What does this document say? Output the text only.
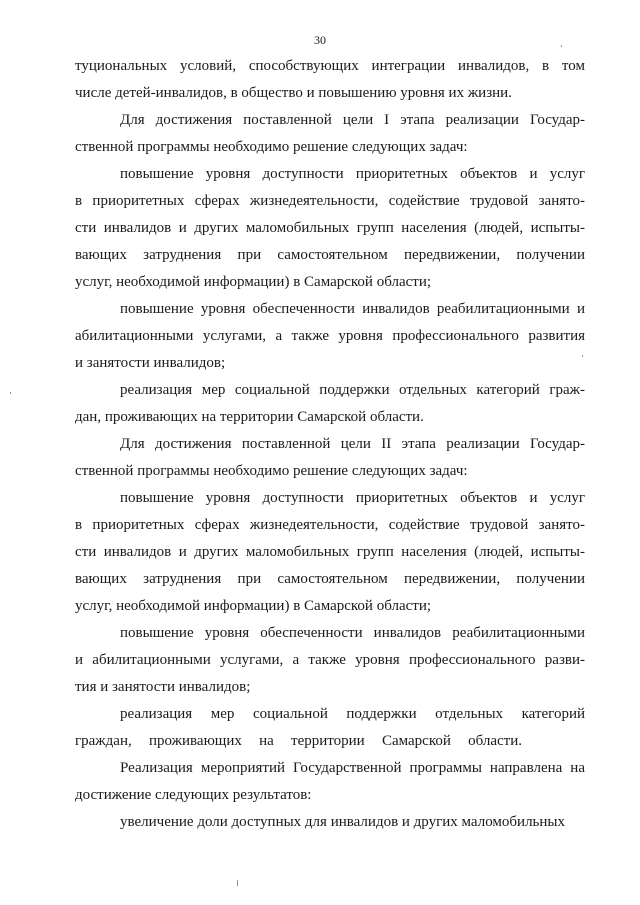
30

туциональных условий, способствующих интеграции инвалидов, в том
числе детей-инвалидов, в общество и повышению уровня их жизни.

Для достижения поставленной цели I этапа реализации Государ-
ственной программы необходимо решение следующих задач:

повышение уровня доступности приоритетных объектов и услуг
в приоритетных сферах жизнедеятельности, содействие трудовой занято-
сти инвалидов и других маломобильных групп населения (людей, испыты-
вающих затруднения при самостоятельном передвижении, получении
услуг, необходимой информации) в Самарской области;

повышение уровня обеспеченности инвалидов реабилитационными и
абилитационными услугами, а также уровня профессионального развития
и занятости инвалидов;

реализация мер социальной поддержки отдельных категорий граж-
дан, проживающих на территории Самарской области.

Для достижения поставленной цели II этапа реализации Государ-
ственной программы необходимо решение следующих задач:

повышение уровня доступности приоритетных объектов и услуг
в приоритетных сферах жизнедеятельности, содействие трудовой занято-
сти инвалидов и других маломобильных групп населения (людей, испыты-
вающих затруднения при самостоятельном передвижении, получении
услуг, необходимой информации) в Самарской области;

повышение уровня обеспеченности инвалидов реабилитационными
и абилитационными услугами, а также уровня профессионального разви-
тия и занятости инвалидов;

реализация мер социальной поддержки отдельных категорий
граждан, проживающих на территории Самарской области.

Реализация мероприятий Государственной программы направлена на
достижение следующих результатов:

увеличение доли доступных для инвалидов и других маломобильных
